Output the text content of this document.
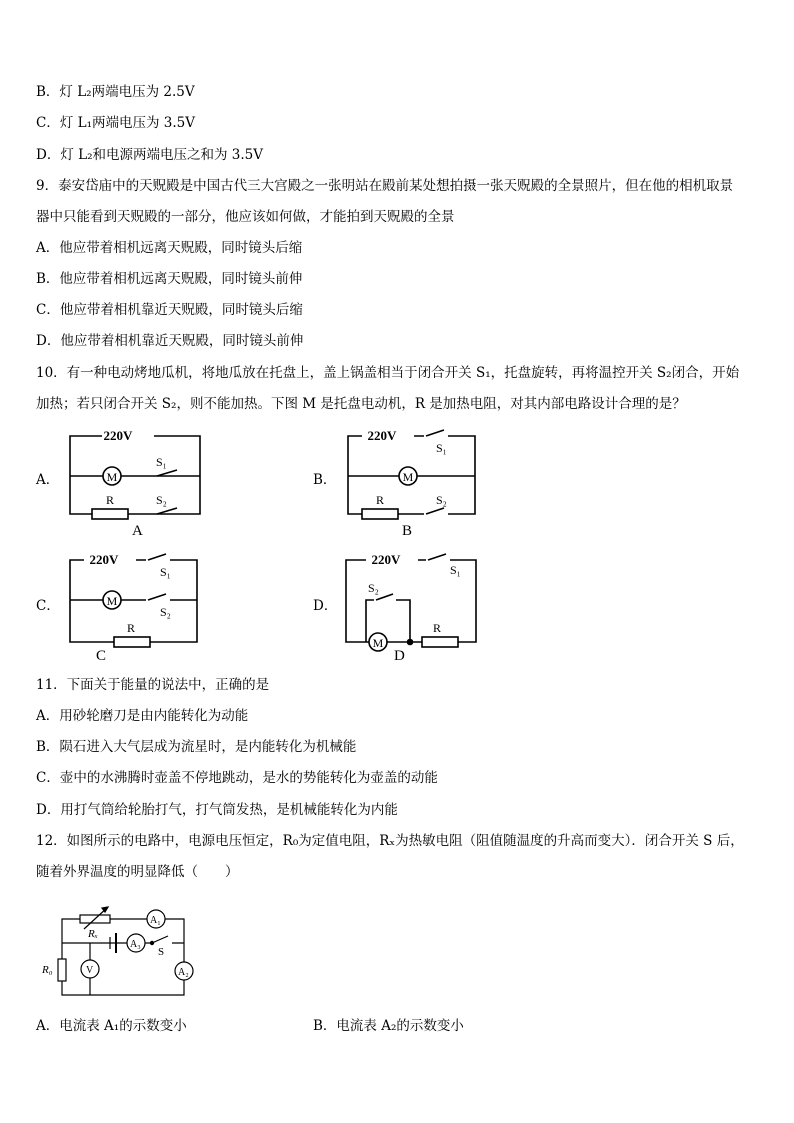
B．灯 L₂两端电压为 2.5V
C．灯 L₁两端电压为 3.5V
D．灯 L₂和电源两端电压之和为 3.5V
9．泰安岱庙中的天贶殿是中国古代三大宫殿之一张明站在殿前某处想拍摄一张天贶殿的全景照片，但在他的相机取景
器中只能看到天贶殿的一部分，他应该如何做，才能拍到天贶殿的全景
A．他应带着相机远离天贶殿，同时镜头后缩
B．他应带着相机远离天贶殿，同时镜头前伸
C．他应带着相机靠近天贶殿，同时镜头后缩
D．他应带着相机靠近天贶殿，同时镜头前伸
10．有一种电动烤地瓜机，将地瓜放在托盘上，盖上锅盖相当于闭合开关 S₁，托盘旋转，再将温控开关 S₂闭合，开始
加热；若只闭合开关 S₂，则不能加热。下图 M 是托盘电动机，R 是加热电阻，对其内部电路设计合理的是？
A．	B．
C．	D．
220V
M
S₁
R	S₂
A
220V
M
S₁
R	S₂
B
220V
M
S₁
S₂
R
C
220V
M
S₁
S₂
R
D
11．下面关于能量的说法中，正确的是
A．用砂轮磨刀是由内能转化为动能
B．陨石进入大气层成为流星时，是内能转化为机械能
C．壶中的水沸腾时壶盖不停地跳动，是水的势能转化为壶盖的动能
D．用打气筒给轮胎打气，打气筒发热，是机械能转化为内能
12．如图所示的电路中，电源电压恒定，R₀为定值电阻，Rₓ为热敏电阻（阻值随温度的升高而变大）．闭合开关 S 后，
随着外界温度的明显降低（　　）
Rₓ
A₁
A₃
S
V	A₂
R₀
A．电流表 A₁的示数变小	B．电流表 A₂的示数变小
